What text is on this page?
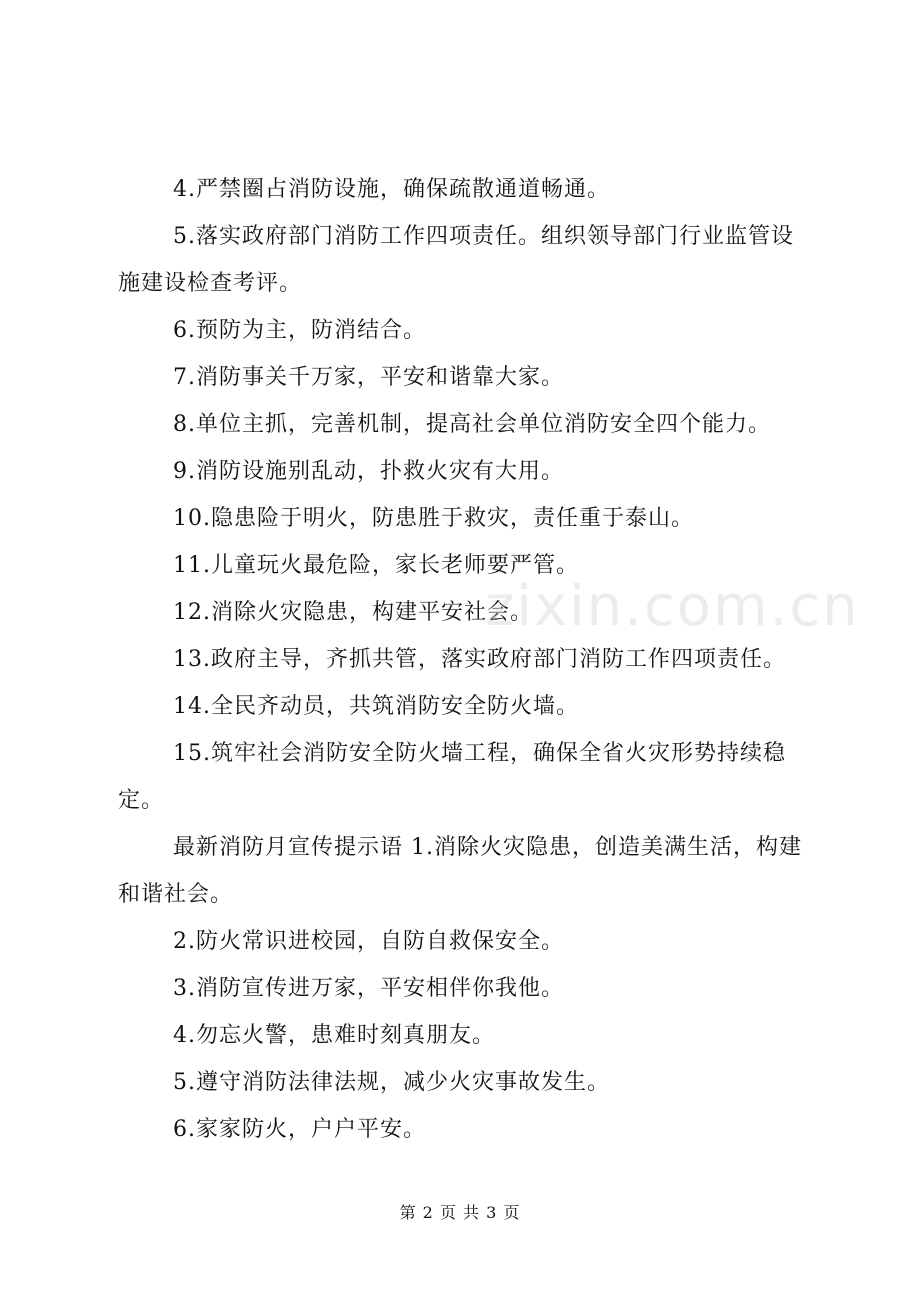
4.严禁圈占消防设施，确保疏散通道畅通。

5.落实政府部门消防工作四项责任。组织领导部门行业监管设施建设检查考评。

6.预防为主，防消结合。

7.消防事关千万家，平安和谐靠大家。

8.单位主抓，完善机制，提高社会单位消防安全四个能力。

9.消防设施别乱动，扑救火灾有大用。

10.隐患险于明火，防患胜于救灾，责任重于泰山。

11.儿童玩火最危险，家长老师要严管。

12.消除火灾隐患，构建平安社会。

13.政府主导，齐抓共管，落实政府部门消防工作四项责任。

14.全民齐动员，共筑消防安全防火墙。

15.筑牢社会消防安全防火墙工程，确保全省火灾形势持续稳定。

最新消防月宣传提示语 1.消除火灾隐患，创造美满生活，构建和谐社会。

2.防火常识进校园，自防自救保安全。

3.消防宣传进万家，平安相伴你我他。

4.勿忘火警，患难时刻真朋友。

5.遵守消防法律法规，减少火灾事故发生。

6.家家防火，户户平安。

zixin.com.cn
第 2 页 共 3 页
